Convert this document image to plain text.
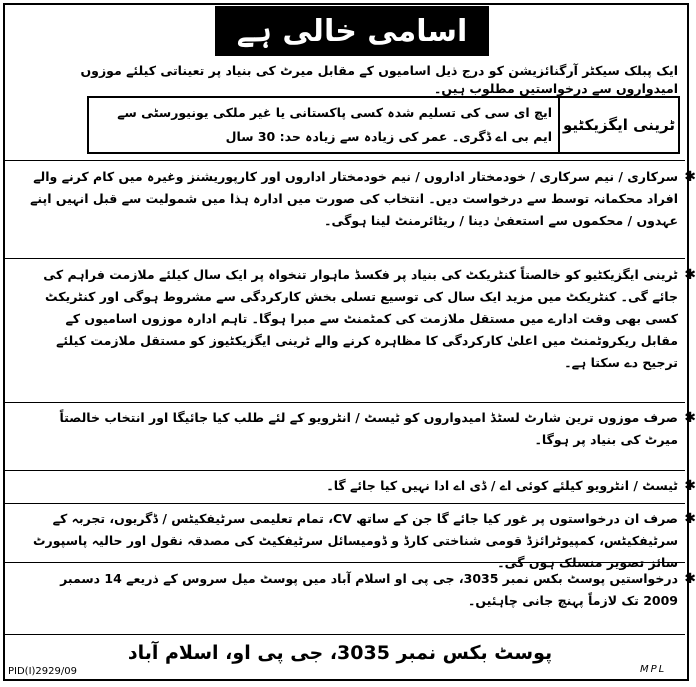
اسامی خالی ہے
ایک پبلک سیکٹر آرگنائزیشن کو درج ذیل اسامیوں کے مقابل میرٹ کی بنیاد پر تعیناتی کیلئے موزوں امیدواروں سے درخواستیں مطلوب ہیں۔
ٹرینی ایگزیکٹیو
ایچ ای سی کی تسلیم شدہ کسی پاکستانی یا غیر ملکی یونیورسٹی سے ایم بی اے ڈگری۔ عمر کی زیادہ سے زیادہ حد: 30 سال
✱
سرکاری / نیم سرکاری / خودمختار اداروں / نیم خودمختار اداروں اور کارپوریشنز وغیرہ میں کام کرنے والے افراد محکمانہ توسط سے درخواست دیں۔ انتخاب کی صورت میں ادارہ ہذا میں شمولیت سے قبل انہیں اپنے عہدوں / محکموں سے استعفیٰ دینا / ریٹائرمنٹ لینا ہوگی۔
✱
ٹرینی ایگزیکٹیو کو خالصتاً کنٹریکٹ کی بنیاد پر فکسڈ ماہوار تنخواہ پر ایک سال کیلئے ملازمت فراہم کی جائے گی۔ کنٹریکٹ میں مزید ایک سال کی توسیع تسلی بخش کارکردگی سے مشروط ہوگی اور کنٹریکٹ کسی بھی وقت ادارے میں مستقل ملازمت کی کمٹمنٹ سے مبرا ہوگا۔ تاہم ادارہ موزوں اسامیوں کے مقابل ریکروٹمنٹ میں اعلیٰ کارکردگی کا مظاہرہ کرنے والے ٹرینی ایگزیکٹیوز کو مستقل ملازمت کیلئے ترجیح دے سکتا ہے۔
✱
صرف موزوں ترین شارٹ لسٹڈ امیدواروں کو ٹیسٹ / انٹرویو کے لئے طلب کیا جائیگا اور انتخاب خالصتاً میرٹ کی بنیاد پر ہوگا۔
✱
ٹیسٹ / انٹرویو کیلئے کوئی اے / ڈی اے ادا نہیں کیا جائے گا۔
✱
صرف ان درخواستوں پر غور کیا جائے گا جن کے ساتھ CV، تمام تعلیمی سرٹیفکیٹس / ڈگریوں، تجربہ کے سرٹیفکیٹس، کمپیوٹرائزڈ قومی شناختی کارڈ و ڈومیسائل سرٹیفکیٹ کی مصدقہ نقول اور حالیہ پاسپورٹ سائز تصویر منسلک ہوں گی۔
✱
درخواستیں پوسٹ بکس نمبر 3035، جی پی او اسلام آباد میں پوسٹ میل سروس کے ذریعے 14 دسمبر 2009 تک لازماً پہنچ جانی چاہئیں۔
پوسٹ بکس نمبر 3035، جی پی او، اسلام آباد
PID(I)2929/09	MPL
